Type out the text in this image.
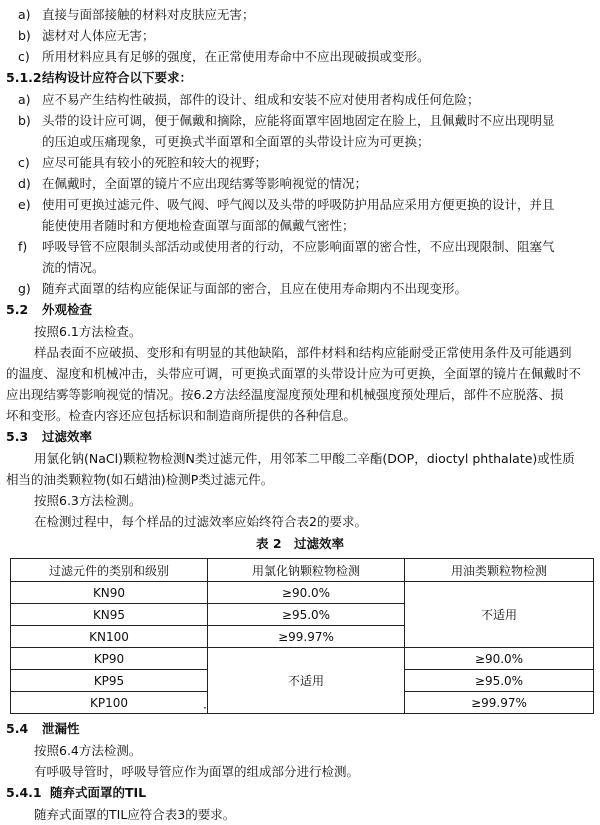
a) 直接与面部接触的材料对皮肤应无害；
b) 滤材对人体应无害；
c) 所用材料应具有足够的强度，在正常使用寿命中不应出现破损或变形。
5.1.2 结构设计应符合以下要求：
a) 应不易产生结构性破损，部件的设计、组成和安装不应对使用者构成任何危险；
b) 头带的设计应可调，便于佩戴和摘除，应能将面罩牢固地固定在脸上，且佩戴时不应出现明显
的压迫或压痛现象，可更换式半面罩和全面罩的头带设计应为可更换；
c) 应尽可能具有较小的死腔和较大的视野；
d) 在佩戴时，全面罩的镜片不应出现结雾等影响视觉的情况；
e) 使用可更换过滤元件、吸气阀、呼气阀以及头带的呼吸防护用品应采用方便更换的设计，并且
能使使用者随时和方便地检查面罩与面部的佩戴气密性；
f)	呼吸导管不应限制头部活动或使用者的行动，不应影响面罩的密合性，不应出现限制、阻塞气
流的情况。
g) 随弃式面罩的结构应能保证与面部的密合，且应在使用寿命期内不出现变形。
5.2	外观检查
按照6.1方法检查。
样品表面不应破损、变形和有明显的其他缺陷，部件材料和结构应能耐受正常使用条件及可能遇到
的温度、湿度和机械冲击，头带应可调，可更换式面罩的头带设计应为可更换，全面罩的镜片在佩戴时不
应出现结雾等影响视觉的情况。按6.2方法经温度湿度预处理和机械强度预处理后，部件不应脱落、损
坏和变形。检查内容还应包括标识和制造商所提供的各种信息。
5.3	过滤效率
用氯化钠(NaCl)颗粒物检测N类过滤元件，用邻苯二甲酸二辛酯(DOP，dioctyl phthalate)或性质
相当的油类颗粒物(如石蜡油)检测P类过滤元件。
按照6.3方法检测。
在检测过程中，每个样品的过滤效率应始终符合表2的要求。
表 2　过滤效率
过滤元件的类别和级别	用氯化钠颗粒物检测	用油类颗粒物检测
KN90	≥90.0%	不适用
KN95	≥95.0%	
KN100	≥99.97%	
KP90	不适用	≥90.0%
KP95		≥95.0%
KP100		≥99.97%
5.4	泄漏性
按照6.4方法检测。
有呼吸导管时，呼吸导管应作为面罩的组成部分进行检测。
5.4.1 随弃式面罩的TIL
随弃式面罩的TIL应符合表3的要求。
·
